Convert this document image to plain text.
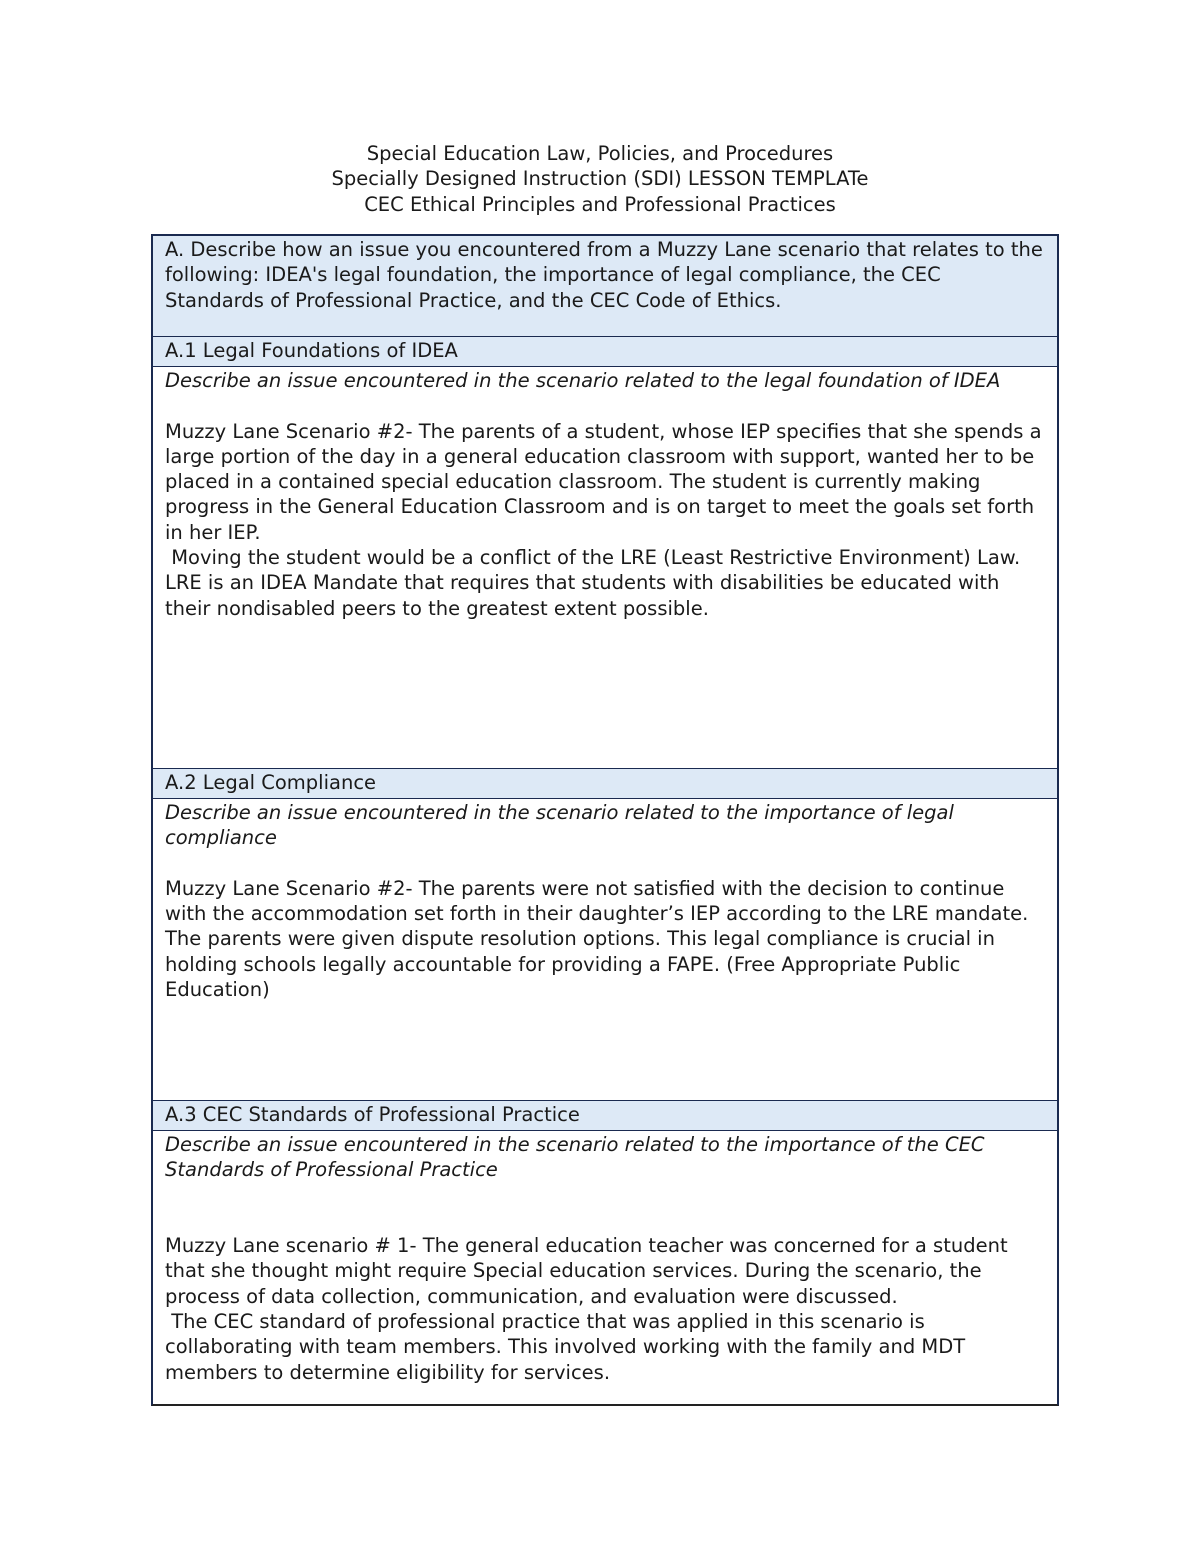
Special Education Law, Policies, and Procedures
Specially Designed Instruction (SDI) LESSON TEMPLATe
CEC Ethical Principles and Professional Practices

A. Describe how an issue you encountered from a Muzzy Lane scenario that relates to the following: IDEA's legal foundation, the importance of legal compliance, the CEC Standards of Professional Practice, and the CEC Code of Ethics.

A.1 Legal Foundations of IDEA

Describe an issue encountered in the scenario related to the legal foundation of IDEA

Muzzy Lane Scenario #2- The parents of a student, whose IEP specifies that she spends a large portion of the day in a general education classroom with support, wanted her to be placed in a contained special education classroom. The student is currently making progress in the General Education Classroom and is on target to meet the goals set forth in her IEP.

Moving the student would be a conflict of the LRE (Least Restrictive Environment) Law. LRE is an IDEA Mandate that requires that students with disabilities be educated with their nondisabled peers to the greatest extent possible.

A.2 Legal Compliance

Describe an issue encountered in the scenario related to the importance of legal compliance

Muzzy Lane Scenario #2- The parents were not satisfied with the decision to continue with the accommodation set forth in their daughter’s IEP according to the LRE mandate. The parents were given dispute resolution options. This legal compliance is crucial in holding schools legally accountable for providing a FAPE. (Free Appropriate Public Education)

A.3 CEC Standards of Professional Practice

Describe an issue encountered in the scenario related to the importance of the CEC Standards of Professional Practice

Muzzy Lane scenario # 1- The general education teacher was concerned for a student that she thought might require Special education services. During the scenario, the process of data collection, communication, and evaluation were discussed.

The CEC standard of professional practice that was applied in this scenario is collaborating with team members. This involved working with the family and MDT members to determine eligibility for services.
